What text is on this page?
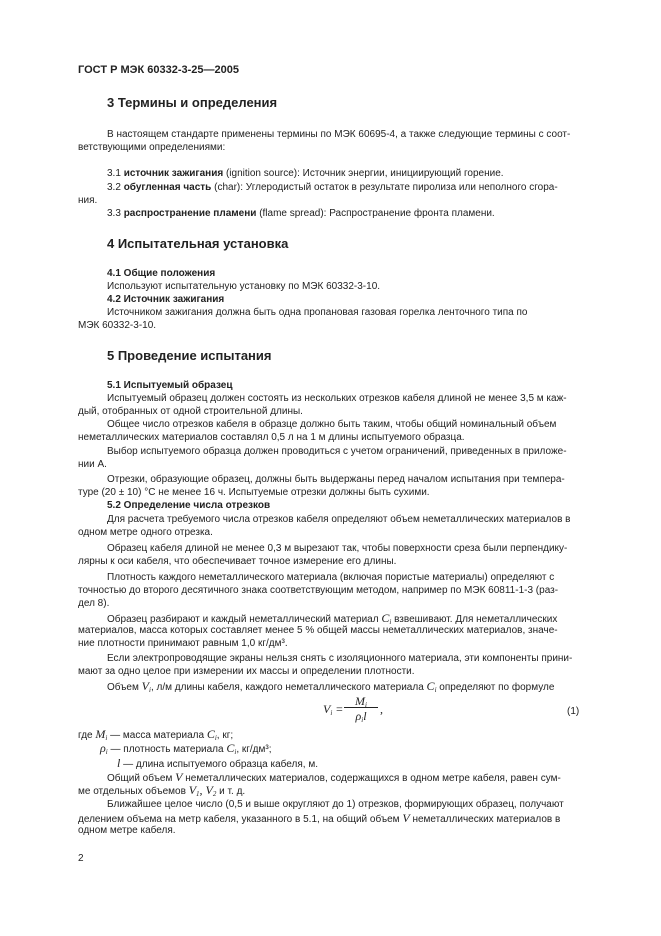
ГОСТ Р МЭК 60332-3-25—2005
3 Термины и определения
В настоящем стандарте применены термины по МЭК 60695-4, а также следующие термины с соот-
ветствующими определениями:
3.1 источник зажигания (ignition source): Источник энергии, инициирующий горение.
3.2 обугленная часть (char): Углеродистый остаток в результате пиролиза или неполного сгора-
ния.
3.3 распространение пламени (flame spread): Распространение фронта пламени.
4 Испытательная установка
4.1 Общие положения
Используют испытательную установку по МЭК 60332-3-10.
4.2 Источник зажигания
Источником зажигания должна быть одна пропановая газовая горелка ленточного типа по
МЭК 60332-3-10.
5 Проведение испытания
5.1 Испытуемый образец
Испытуемый образец должен состоять из нескольких отрезков кабеля длиной не менее 3,5 м каж-
дый, отобранных от одной строительной длины.
Общее число отрезков кабеля в образце должно быть таким, чтобы общий номинальный объем
неметаллических материалов составлял 0,5 л на 1 м длины испытуемого образца.
Выбор испытуемого образца должен проводиться с учетом ограничений, приведенных в приложе-
нии А.
Отрезки, образующие образец, должны быть выдержаны перед началом испытания при темпера-
туре (20 ± 10) °С не менее 16 ч. Испытуемые отрезки должны быть сухими.
5.2 Определение числа отрезков
Для расчета требуемого числа отрезков кабеля определяют объем неметаллических материалов в
одном метре одного отрезка.
Образец кабеля длиной не менее 0,3 м вырезают так, чтобы поверхности среза были перпендику-
лярны к оси кабеля, что обеспечивает точное измерение его длины.
Плотность каждого неметаллического материала (включая пористые материалы) определяют с
точностью до второго десятичного знака соответствующим методом, например по МЭК 60811-1-3 (раз-
дел 8).
Образец разбирают и каждый неметаллический материал $C_i$ взвешивают. Для неметаллических
материалов, масса которых составляет менее 5 % общей массы неметаллических материалов, значе-
ние плотности принимают равным 1,0 кг/дм³.
Если электропроводящие экраны нельзя снять с изоляционного материала, эти компоненты прини-
мают за одно целое при измерении их массы и определении плотности.
Объем $V_i$, л/м длины кабеля, каждого неметаллического материала $C_i$ определяют по формуле
$V_i$ =
$M_i$
$\rho_il$	,	(1)
где $M_i$ — масса материала $C_i$, кг;
$\rho_i$ — плотность материала $C_i$, кг/дм³;
l — длина испытуемого образца кабеля, м.
Общий объем V неметаллических материалов, содержащихся в одном метре кабеля, равен сум-
ме отдельных объемов $V_1$, $V_2$ и т. д.
Ближайшее целое число (0,5 и выше округляют до 1) отрезков, формирующих образец, получают
делением объема на метр кабеля, указанного в 5.1, на общий объем V неметаллических материалов в
одном метре кабеля.
2
